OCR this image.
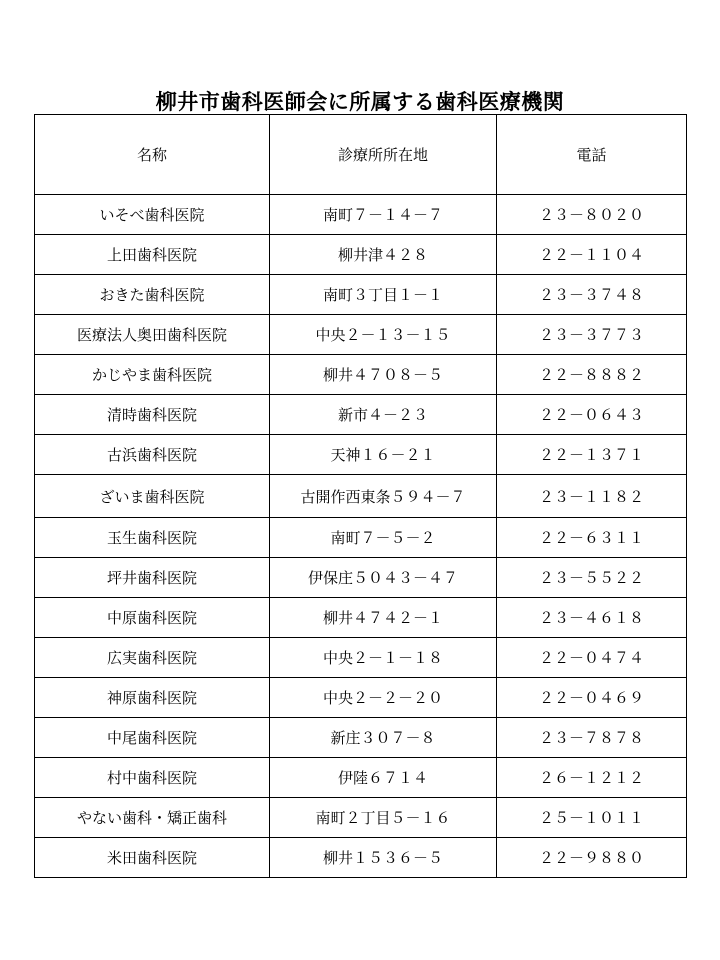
柳井市歯科医師会に所属する歯科医療機関
名称	診療所所在地	電話
いそべ歯科医院	南町７－１４－７	２３－８０２０
上田歯科医院	柳井津４２８	２２－１１０４
おきた歯科医院	南町３丁目１－１	２３－３７４８
医療法人奥田歯科医院	中央２－１３－１５	２３－３７７３
かじやま歯科医院	柳井４７０８－５	２２－８８８２
清時歯科医院	新市４－２３	２２－０６４３
古浜歯科医院	天神１６－２１	２２－１３７１
ざいま歯科医院	古開作西東条５９４－７	２３－１１８２
玉生歯科医院	南町７－５－２	２２－６３１１
坪井歯科医院	伊保庄５０４３－４７	２３－５５２２
中原歯科医院	柳井４７４２－１	２３－４６１８
広実歯科医院	中央２－１－１８	２２－０４７４
神原歯科医院	中央２－２－２０	２２－０４６９
中尾歯科医院	新庄３０７－８	２３－７８７８
村中歯科医院	伊陸６７１４	２６－１２１２
やない歯科・矯正歯科	南町２丁目５－１６	２５－１０１１
米田歯科医院	柳井１５３６－５	２２－９８８０
